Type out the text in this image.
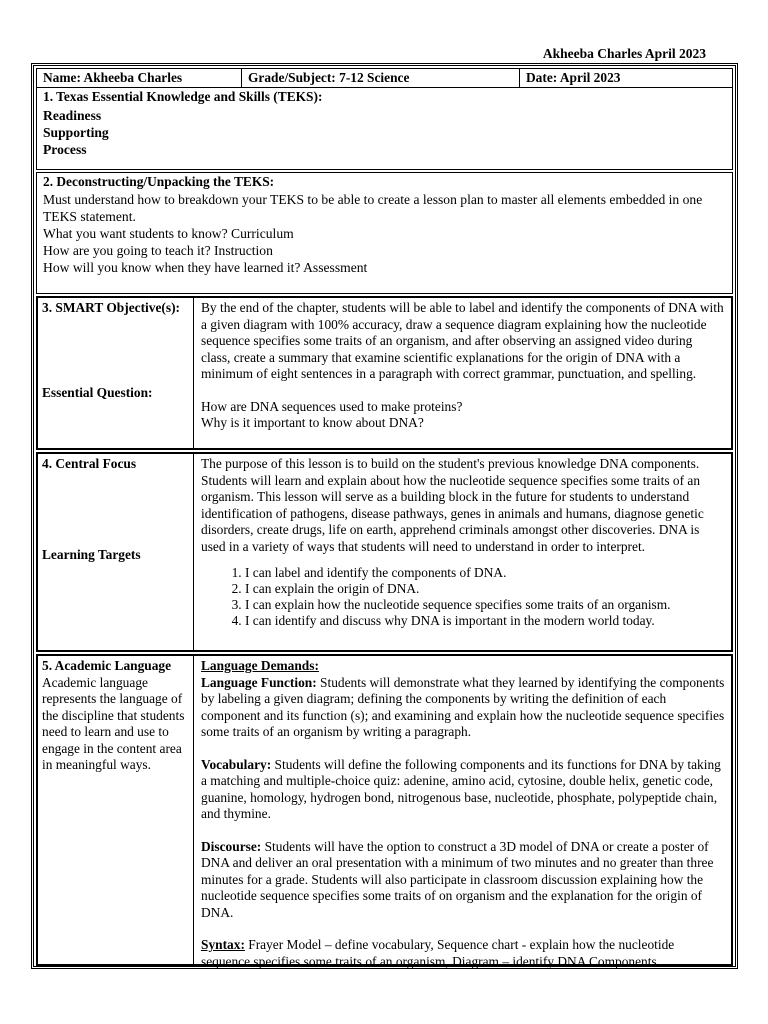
Akheeba Charles April 2023
Name: Akheeba Charles	Grade/Subject: 7-12 Science	Date: April 2023
1. Texas Essential Knowledge and Skills (TEKS):
Readiness
Supporting
Process
2. Deconstructing/Unpacking the TEKS:
Must understand how to breakdown your TEKS to be able to create a lesson plan to master all elements embedded in one TEKS statement.
What you want students to know? Curriculum
How are you going to teach it? Instruction
How will you know when they have learned it? Assessment
3. SMART Objective(s):
Essential Question:
By the end of the chapter, students will be able to label and identify the components of DNA with a given diagram with 100% accuracy, draw a sequence diagram explaining how the nucleotide sequence specifies some traits of an organism, and after observing an assigned video during class, create a summary that examine scientific explanations for the origin of DNA with a minimum of eight sentences in a paragraph with correct grammar, punctuation, and spelling.
How are DNA sequences used to make proteins?
Why is it important to know about DNA?
4. Central Focus
Learning Targets
The purpose of this lesson is to build on the student's previous knowledge DNA components. Students will learn and explain about how the nucleotide sequence specifies some traits of an organism. This lesson will serve as a building block in the future for students to understand identification of pathogens, disease pathways, genes in animals and humans, diagnose genetic disorders, create drugs, life on earth, apprehend criminals amongst other discoveries. DNA is used in a variety of ways that students will need to understand in order to interpret.
1. I can label and identify the components of DNA.
2. I can explain the origin of DNA.
3. I can explain how the nucleotide sequence specifies some traits of an organism.
4. I can identify and discuss why DNA is important in the modern world today.
5. Academic Language
Academic language represents the language of the discipline that students need to learn and use to engage in the content area in meaningful ways.
Language Demands:
Language Function: Students will demonstrate what they learned by identifying the components by labeling a given diagram; defining the components by writing the definition of each component and its function (s); and examining and explain how the nucleotide sequence specifies some traits of an organism by writing a paragraph.
Vocabulary: Students will define the following components and its functions for DNA by taking a matching and multiple-choice quiz: adenine, amino acid, cytosine, double helix, genetic code, guanine, homology, hydrogen bond, nitrogenous base, nucleotide, phosphate, polypeptide chain, and thymine.
Discourse: Students will have the option to construct a 3D model of DNA or create a poster of DNA and deliver an oral presentation with a minimum of two minutes and no greater than three minutes for a grade. Students will also participate in classroom discussion explaining how the nucleotide sequence specifies some traits of on organism and the explanation for the origin of DNA.
Syntax: Frayer Model – define vocabulary, Sequence chart - explain how the nucleotide sequence specifies some traits of an organism, Diagram – identify DNA Components
